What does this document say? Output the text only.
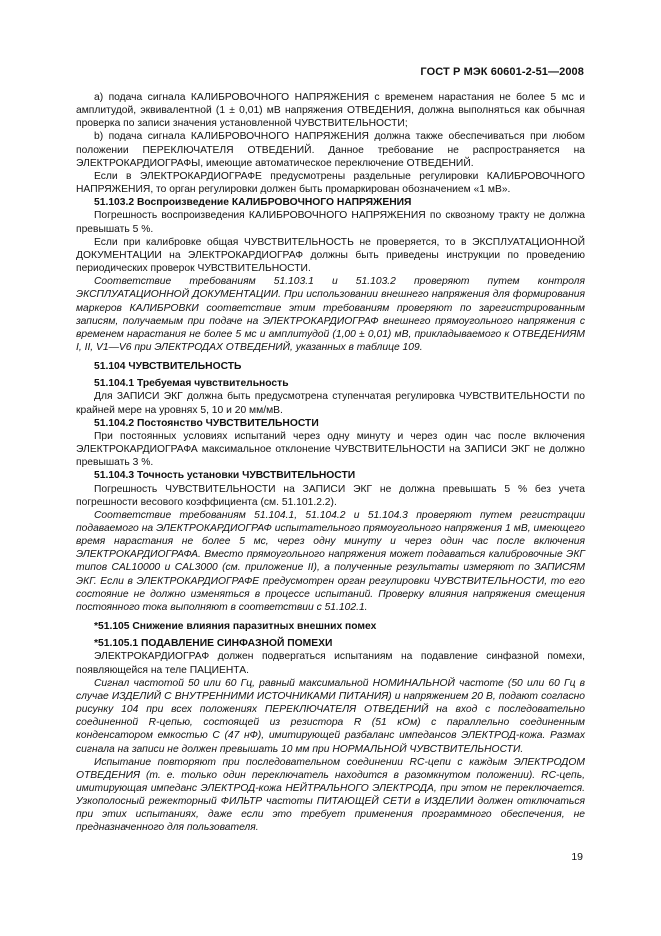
ГОСТ Р МЭК 60601-2-51—2008

а) подача сигнала КАЛИБРОВОЧНОГО НАПРЯЖЕНИЯ с временем нарастания не более 5 мс и амплитудой, эквивалентной (1 ± 0,01) мВ напряжения ОТВЕДЕНИЯ, должна выполняться как обычная проверка по записи значения установленной ЧУВСТВИТЕЛЬНОСТИ;

b) подача сигнала КАЛИБРОВОЧНОГО НАПРЯЖЕНИЯ должна также обеспечиваться при любом положении ПЕРЕКЛЮЧАТЕЛЯ ОТВЕДЕНИЙ. Данное требование не распространяется на ЭЛЕКТРОКАРДИОГРАФЫ, имеющие автоматическое переключение ОТВЕДЕНИЙ.

Если в ЭЛЕКТРОКАРДИОГРАФЕ предусмотрены раздельные регулировки КАЛИБРОВОЧНОГО НАПРЯЖЕНИЯ, то орган регулировки должен быть промаркирован обозначением «1 мВ».

51.103.2 Воспроизведение КАЛИБРОВОЧНОГО НАПРЯЖЕНИЯ

Погрешность воспроизведения КАЛИБРОВОЧНОГО НАПРЯЖЕНИЯ по сквозному тракту не должна превышать 5 %.

Если при калибровке общая ЧУВСТВИТЕЛЬНОСТЬ не проверяется, то в ЭКСПЛУАТАЦИОННОЙ ДОКУМЕНТАЦИИ на ЭЛЕКТРОКАРДИОГРАФ должны быть приведены инструкции по проведению периодических проверок ЧУВСТВИТЕЛЬНОСТИ.

Соответствие требованиям 51.103.1 и 51.103.2 проверяют путем контроля ЭКСПЛУАТАЦИОННОЙ ДОКУМЕНТАЦИИ. При использовании внешнего напряжения для формирования маркеров КАЛИБРОВКИ соответствие этим требованиям проверяют по зарегистрированным записям, получаемым при подаче на ЭЛЕКТРОКАРДИОГРАФ внешнего прямоугольного напряжения с временем нарастания не более 5 мс и амплитудой (1,00 ± 0,01) мВ, прикладываемого к ОТВЕДЕНИЯМ I, II, V1—V6 при ЭЛЕКТРОДАХ ОТВЕДЕНИЙ, указанных в таблице 109.

51.104 ЧУВСТВИТЕЛЬНОСТЬ

51.104.1 Требуемая чувствительность

Для ЗАПИСИ ЭКГ должна быть предусмотрена ступенчатая регулировка ЧУВСТВИТЕЛЬНОСТИ по крайней мере на уровнях 5, 10 и 20 мм/мВ.

51.104.2 Постоянство ЧУВСТВИТЕЛЬНОСТИ

При постоянных условиях испытаний через одну минуту и через один час после включения ЭЛЕКТРОКАРДИОГРАФА максимальное отклонение ЧУВСТВИТЕЛЬНОСТИ на ЗАПИСИ ЭКГ не должно превышать 3 %.

51.104.3 Точность установки ЧУВСТВИТЕЛЬНОСТИ

Погрешность ЧУВСТВИТЕЛЬНОСТИ на ЗАПИСИ ЭКГ не должна превышать 5 % без учета погрешности весового коэффициента (см. 51.101.2.2).

Соответствие требованиям 51.104.1, 51.104.2 и 51.104.3 проверяют путем регистрации подаваемого на ЭЛЕКТРОКАРДИОГРАФ испытательного прямоугольного напряжения 1 мВ, имеющего время нарастания не более 5 мс, через одну минуту и через один час после включения ЭЛЕКТРОКАРДИОГРАФА. Вместо прямоугольного напряжения может подаваться калибровочные ЭКГ типов CAL10000 и CAL3000 (см. приложение II), а полученные результаты измеряют по ЗАПИСЯМ ЭКГ. Если в ЭЛЕКТРОКАРДИОГРАФЕ предусмотрен орган регулировки ЧУВСТВИТЕЛЬНОСТИ, то его состояние не должно изменяться в процессе испытаний. Проверку влияния напряжения смещения постоянного тока выполняют в соответствии с 51.102.1.

*51.105 Снижение влияния паразитных внешних помех

*51.105.1 ПОДАВЛЕНИЕ СИНФАЗНОЙ ПОМЕХИ

ЭЛЕКТРОКАРДИОГРАФ должен подвергаться испытаниям на подавление синфазной помехи, появляющейся на теле ПАЦИЕНТА.

Сигнал частотой 50 или 60 Гц, равный максимальной НОМИНАЛЬНОЙ частоте (50 или 60 Гц в случае ИЗДЕЛИЙ С ВНУТРЕННИМИ ИСТОЧНИКАМИ ПИТАНИЯ) и напряжением 20 В, подают согласно рисунку 104 при всех положениях ПЕРЕКЛЮЧАТЕЛЯ ОТВЕДЕНИЙ на вход с последовательно соединенной R-цепью, состоящей из резистора R (51 кОм) с параллельно соединенным конденсатором емкостью C (47 нФ), имитирующей разбаланс импедансов ЭЛЕКТРОД-кожа. Размах сигнала на записи не должен превышать 10 мм при НОРМАЛЬНОЙ ЧУВСТВИТЕЛЬНОСТИ.

Испытание повторяют при последовательном соединении RC-цепи с каждым ЭЛЕКТРОДОМ ОТВЕДЕНИЯ (т. е. только один переключатель находится в разомкнутом положении). RC-цепь, имитирующая импеданс ЭЛЕКТРОД-кожа НЕЙТРАЛЬНОГО ЭЛЕКТРОДА, при этом не переключается. Узкополосный режекторный ФИЛЬТР частоты ПИТАЮЩЕЙ СЕТИ в ИЗДЕЛИИ должен отключаться при этих испытаниях, даже если это требует применения программного обеспечения, не предназначенного для пользователя.

19
